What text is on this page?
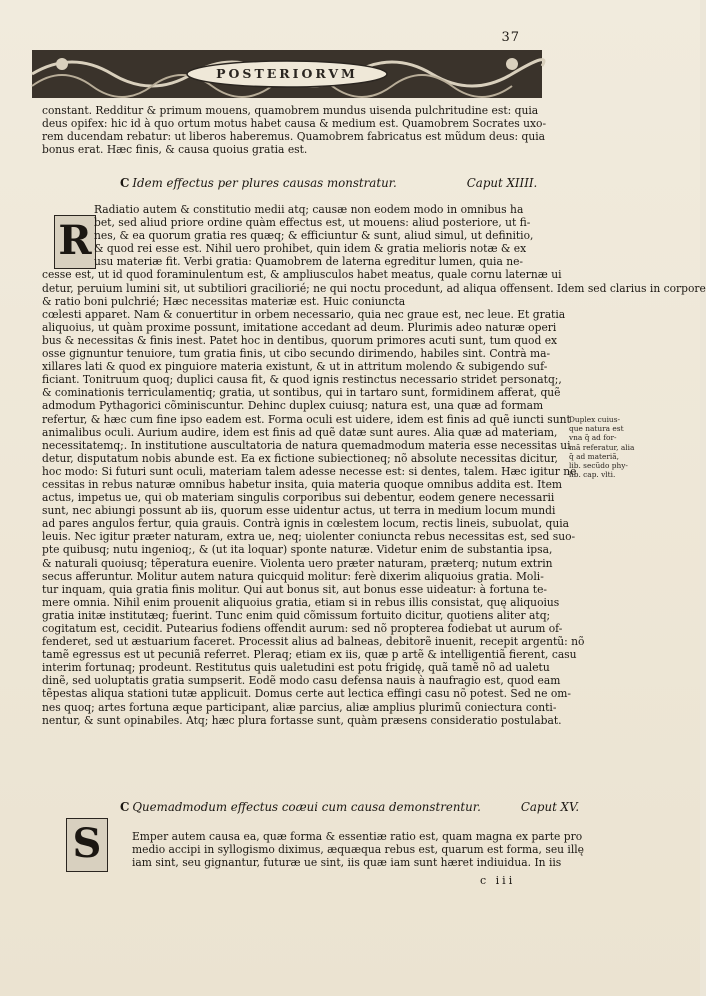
37
POSTERIORVM
constant. Redditur & primum mouens, quamobrem mundus uisenda pulchritudine est: quia
deus opifex: hic id à quo ortum motus habet causa & medium est. Quamobrem Socrates uxo-
rem ducendam rebatur: ut liberos haberemus. Quamobrem fabricatus est mũdum deus: quia
bonus erat. Hæc finis, & causa quoius gratia est.
C Idem effectus per plures causas monstratur.	Caput XIIII.
R
Radiatio autem & constitutio medii atq; causæ non eodem modo in omnibus ha
bet, sed aliud priore ordine quàm effectus est, ut mouens: aliud posteriore, ut fi-
nes, & ea quorum gratia res quæq; & efficiuntur & sunt, aliud simul, ut definitio,
& quod rei esse est. Nihil uero prohibet, quin idem & gratia melioris notæ & ex
usu materiæ fit. Verbi gratia: Quamobrem de laterna egreditur lumen, quia ne-
cesse est, ut id quod foraminulentum est, & ampliusculos habet meatus, quale cornu laternæ ui
detur, peruium lumini sit, ut subtiliori graciliorié; ne qui noctu procedunt, ad aliqua offensent. Idem sed clarius in corpore
& ratio boni pulchrié; Hæc necessitas materiæ est. Huic coniuncta
cœlesti apparet. Nam & conuertitur in orbem necessario, quia nec graue est, nec leue. Et gratia
aliquoius, ut quàm proxime possunt, imitatione accedant ad deum. Plurimis adeo naturæ operi
bus & necessitas & finis inest. Patet hoc in dentibus, quorum primores acuti sunt, tum quod ex
osse gignuntur tenuiore, tum gratia finis, ut cibo secundo dirimendo, habiles sint. Contrà ma-
xillares lati & quod ex pinguiore materia existunt, & ut in attritum molendo & subigendo suf-
ficiant. Tonitruum quoq; duplici causa fit, & quod ignis restinctus necessario stridet personatq;,
& cominationis terriculamentiq; gratia, ut sontibus, qui in tartaro sunt, formidinem afferat, quẽ
admodum Pythagorici cõminiscuntur. Dehinc duplex cuiusq; natura est, una quæ ad formam
refertur, & hæc cum fine ipso eadem est. Forma oculi est uidere, idem est finis ad quẽ iuncti sunt
animalibus oculi. Aurium audire, idem est finis ad quẽ datæ sunt aures. Alia quæ ad materiam,
necessitatemq;. In institutione auscultatoria de natura quemadmodum materia esse necessitas ui
detur, disputatum nobis abunde est. Ea ex fictione subiectioneq; nõ absolute necessitas dicitur,
hoc modo: Si futuri sunt oculi, materiam talem adesse necesse est: si dentes, talem. Hæc igitur ne
cessitas in rebus naturæ omnibus habetur insita, quia materia quoque omnibus addita est. Item
actus, impetus ue, qui ob materiam singulis corporibus sui debentur, eodem genere necessarii
sunt, nec abiungi possunt ab iis, quorum esse uidentur actus, ut terra in medium locum mundi
ad pares angulos fertur, quia grauis. Contrà ignis in cœlestem locum, rectis lineis, subuolat, quia
leuis. Nec igitur præter naturam, extra ue, neq; uiolenter coniuncta rebus necessitas est, sed suo-
pte quibusq; nutu ingenioq;, & (ut ita loquar) sponte naturæ. Videtur enim de substantia ipsa,
& naturali quoiusq; tẽperatura euenire. Violenta uero præter naturam, præterq; nutum extrin
secus afferuntur. Molitur autem natura quicquid molitur: ferè dixerim aliquoius gratia. Moli-
tur inquam, quia gratia finis molitur. Qui aut bonus sit, aut bonus esse uideatur: à fortuna te-
mere omnia. Nihil enim prouenit aliquoius gratia, etiam si in rebus illis consistat, quę aliquoius
gratia initæ institutæq; fuerint. Tunc enim quid cõmissum fortuito dicitur, quotiens aliter atq;
cogitatum est, cecidit. Putearius fodiens offendit aurum: sed nõ propterea fodiebat ut aurum of-
fenderet, sed ut æstuarium faceret. Processit alius ad balneas, debitorẽ inuenit, recepit argentũ: nõ
tamẽ egressus est ut pecuniã referret. Pleraq; etiam ex iis, quæ p artẽ & intelligentiã fierent, casu
interim fortunaq; prodeunt. Restitutus quis ualetudini est potu frigidę, quã tamẽ nõ ad ualetu
dinẽ, sed uoluptatis gratia sumpserit. Eodẽ modo casu defensa nauis à naufragio est, quod eam
tẽpestas aliqua stationi tutæ applicuit. Domus certe aut lectica effingi casu nõ potest. Sed ne om-
nes quoq; artes fortuna æque participant, aliæ parcius, aliæ amplius plurimũ coniectura conti-
nentur, & sunt opinabiles. Atq; hæc plura fortasse sunt, quàm præsens consideratio postulabat.
Duplex cuius-
que natura est
vna q̃ ad for-
mã referatur, alia
q̃ ad materiã,
lib. secũdo phy-
lib. cap. vlti.
C Quemadmodum effectus coæui cum causa demonstrentur.	Caput XV.
S	Emper autem causa ea, quæ forma & essentiæ ratio est, quam magna ex parte pro
medio accipi in syllogismo diximus, æquæqua rebus est, quarum est forma, seu illę
iam sint, seu gignantur, futuræ ue sint, iis quæ iam sunt hæret indiuidua. In iis
c iii
